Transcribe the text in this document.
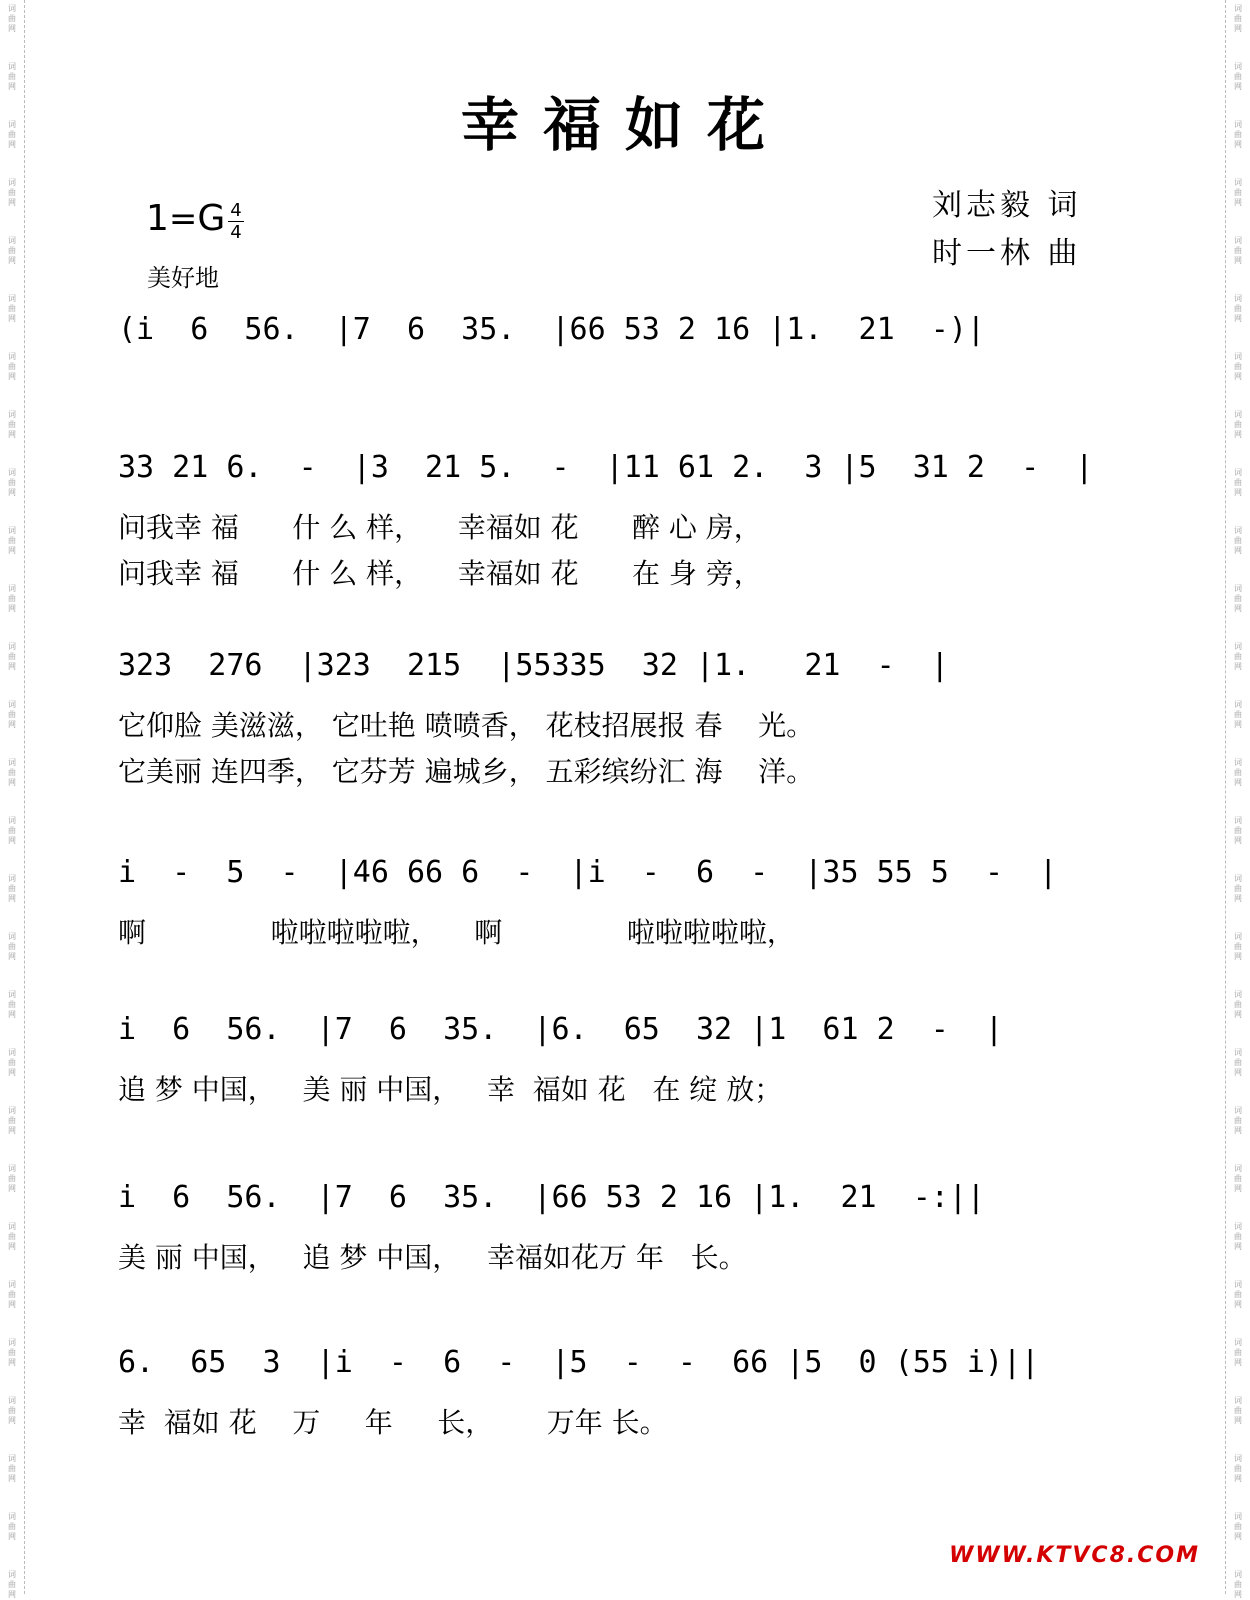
词
曲
网
词
曲
网
词
曲
网
词
曲
网
词
曲
网
词
曲
网
词
曲
网
词
曲
网
词
曲
网
词
曲
网
词
曲
网
词
曲
网
词
曲
网
词
曲
网
词
曲
网
词
曲
网
词
曲
网
词
曲
网
词
曲
网
词
曲
网
词
曲
网
词
曲
网
词
曲
网
词
曲
网
词
曲
网
词
曲
网
词
曲
网
词
曲
网
词
曲
网
词
曲
网
词
曲
网
词
曲
网
词
曲
网
词
曲
网
词
曲
网
词
曲
网
词
曲
网
词
曲
网
词
曲
网
词
曲
网
词
曲
网
词
曲
网
词
曲
网
词
曲
网
词
曲
网
词
曲
网
词
曲
网
词
曲
网
词
曲
网
词
曲
网
词
曲
网
词
曲
网
词
曲
网
词
曲
网
词
曲
网
词
曲
网
幸福如花
1=G 4
4
美好地
刘志毅 词
时一林 曲
(i  6  56.  |7  6  35.  |66 53 2 16 |1.  21  -)|
33 21 6.  -  |3  21 5.  -  |11 61 2.  3 |5  31 2  -  |
问我幸 福      什 么 样，    幸福如 花      醉 心 房，
问我幸 福      什 么 样，    幸福如 花      在 身 旁，
323  276  |323  215  |55335  32 |1.   21  -  |
它仰脸 美滋滋， 它吐艳 喷喷香， 花枝招展报 春    光。
它美丽 连四季， 它芬芳 遍城乡， 五彩缤纷汇 海    洋。
i  -  5  -  |46 66 6  -  |i  -  6  -  |35 55 5  -  |
啊              啦啦啦啦啦，    啊              啦啦啦啦啦，
i  6  56.  |7  6  35.  |6.  65  32 |1  61 2  -  |
追 梦 中国，   美 丽 中国，   幸  福如 花   在 绽 放；
i  6  56.  |7  6  35.  |66 53 2 16 |1.  21  -:||
美 丽 中国，   追 梦 中国，   幸福如花万 年   长。
6.  65  3  |i  -  6  -  |5  -  -  66 |5  0 (55 i)||
幸  福如 花    万     年     长，      万年 长。
WWW.KTVC8.COM
